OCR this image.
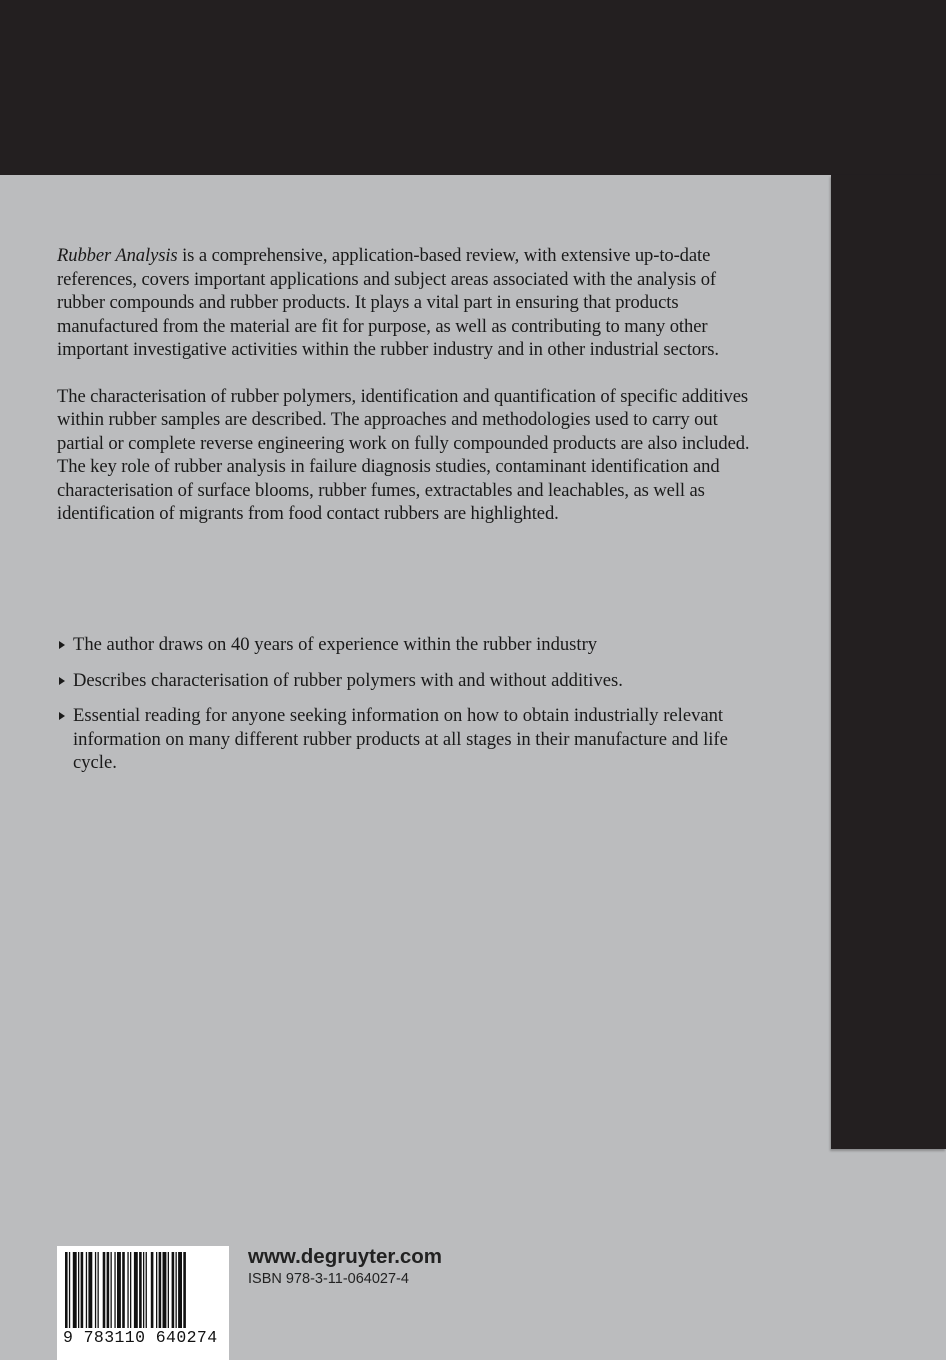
Rubber Analysis is a comprehensive, application-based review, with extensive up-to-date references, covers important applications and subject areas associated with the analysis of rubber compounds and rubber products. It plays a vital part in ensuring that products manufactured from the material are fit for purpose, as well as contributing to many other important investigative activities within the rubber industry and in other industrial sectors.

The characterisation of rubber polymers, identification and quantification of specific additives within rubber samples are described. The approaches and methodologies used to carry out partial or complete reverse engineering work on fully compounded products are also included.

The key role of rubber analysis in failure diagnosis studies, contaminant identification and characterisation of surface blooms, rubber fumes, extractables and leachables, as well as identification of migrants from food contact rubbers are highlighted.

The author draws on 40 years of experience within the rubber industry
Describes characterisation of rubber polymers with and without additives.
Essential reading for anyone seeking information on how to obtain industrially relevant information on many different rubber products at all stages in their manufacture and life cycle.
9 783110 640274
www.degruyter.com
ISBN 978-3-11-064027-4
